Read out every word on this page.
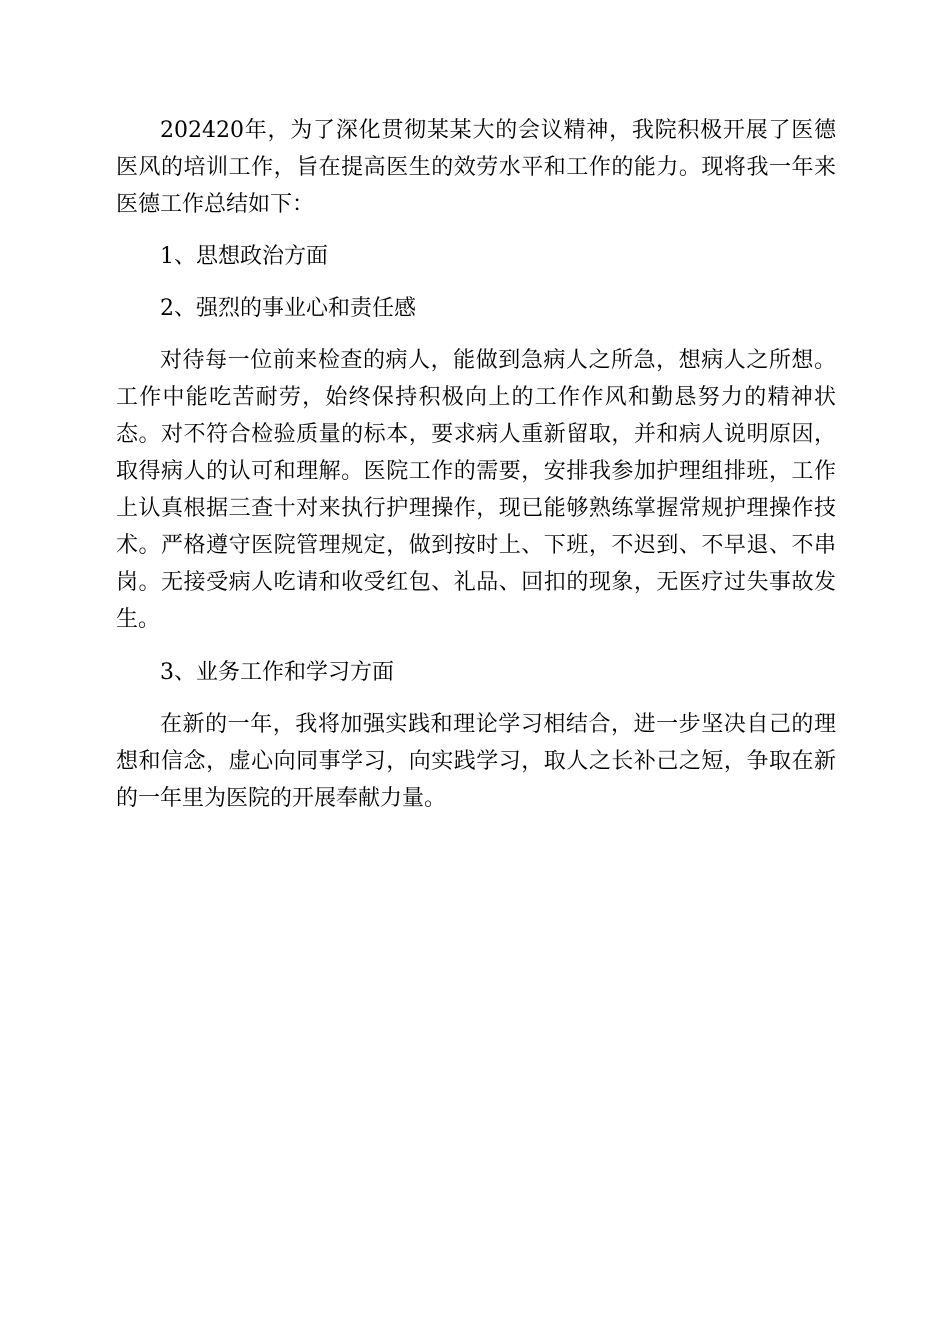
202420年，为了深化贯彻某某大的会议精神，我院积极开展了医德医风的培训工作，旨在提高医生的效劳水平和工作的能力。现将我一年来医德工作总结如下：

1、思想政治方面

2、强烈的事业心和责任感

对待每一位前来检查的病人，能做到急病人之所急，想病人之所想。工作中能吃苦耐劳，始终保持积极向上的工作作风和勤恳努力的精神状态。对不符合检验质量的标本，要求病人重新留取，并和病人说明原因，取得病人的认可和理解。医院工作的需要，安排我参加护理组排班，工作上认真根据三查十对来执行护理操作，现已能够熟练掌握常规护理操作技术。严格遵守医院管理规定，做到按时上、下班，不迟到、不早退、不串岗。无接受病人吃请和收受红包、礼品、回扣的现象，无医疗过失事故发生。

3、业务工作和学习方面

在新的一年，我将加强实践和理论学习相结合，进一步坚决自己的理想和信念，虚心向同事学习，向实践学习，取人之长补己之短，争取在新的一年里为医院的开展奉献力量。
